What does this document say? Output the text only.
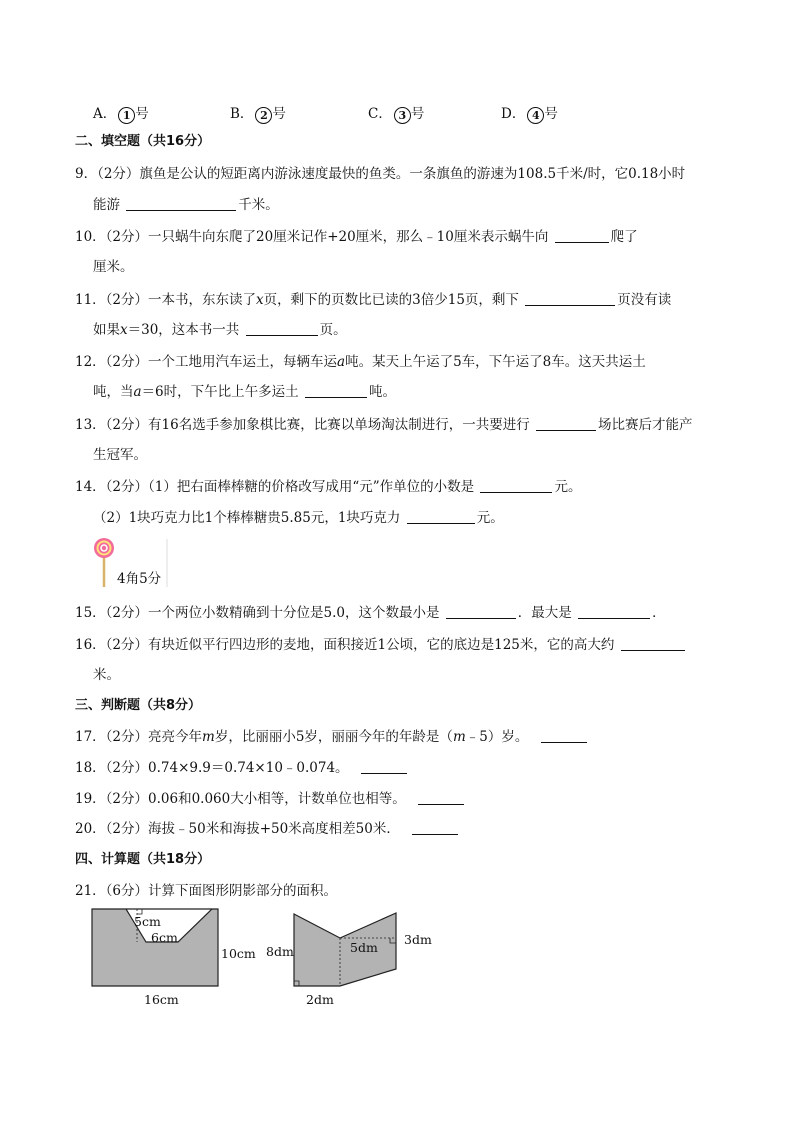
A． 1 号	B． 2 号	C． 3 号	D． 4 号
二、填空题（共16分）
9．（2分）旗鱼是公认的短距离内游泳速度最快的鱼类。一条旗鱼的游速为108.5千米/时，它0.18小时
能游	千米。
10．（2分）一只蜗牛向东爬了20厘米记作+20厘米，那么﹣10厘米表示蜗牛向	爬了
厘米。
11．（2分）一本书，东东读了x页，剩下的页数比已读的3倍少15页，剩下	页没有读
如果x＝30，这本书一共	页。
12．（2分）一个工地用汽车运土，每辆车运a吨。某天上午运了5车，下午运了8车。这天共运土
吨，当a＝6时，下午比上午多运土	吨。
13．（2分）有16名选手参加象棋比赛，比赛以单场淘汰制进行，一共要进行	场比赛后才能产
生冠军。
14．（2分）（1）把右面棒棒糖的价格改写成用“元”作单位的小数是	元。
（2）1块巧克力比1个棒棒糖贵5.85元，1块巧克力	元。
4角5分
15．（2分）一个两位小数精确到十分位是5.0，这个数最小是	．最大是	．
16．（2分）有块近似平行四边形的麦地，面积接近1公顷，它的底边是125米，它的高大约
米。
三、判断题（共8分）
17．（2分）亮亮今年m岁，比丽丽小5岁，丽丽今年的年龄是（m﹣5）岁。
18．（2分）0.74×9.9＝0.74×10﹣0.074。
19．（2分）0.06和0.060大小相等，计数单位也相等。
20．（2分）海拔﹣50米和海拔+50米高度相差50米．
四、计算题（共18分）
21．（6分）计算下面图形阴影部分的面积。
5cm
6cm
10cm
16cm
8dm	5dm
3dm
2dm
